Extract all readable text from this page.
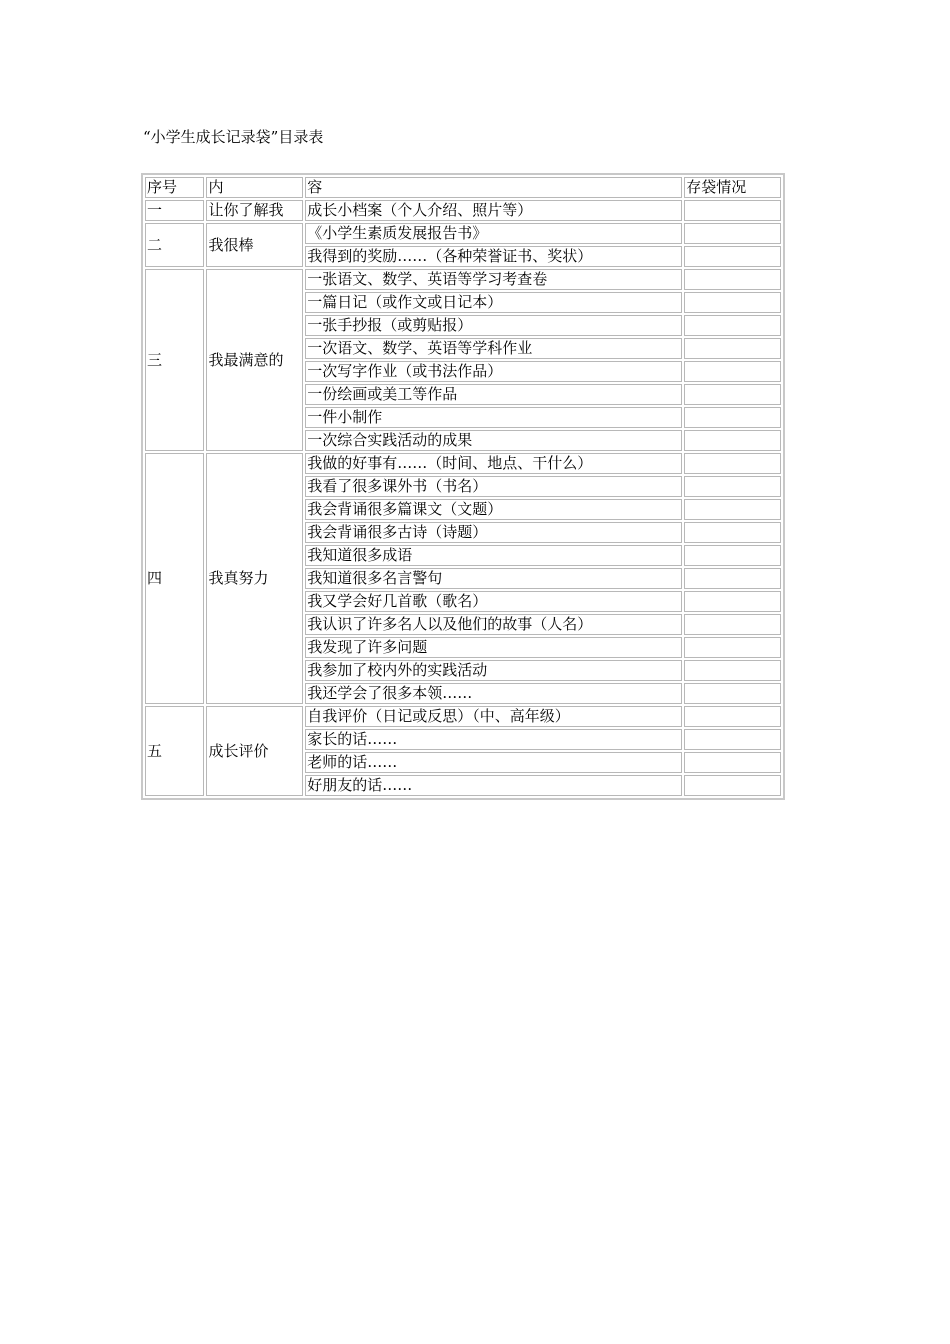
“小学生成长记录袋”目录表
序号	内	容	存袋情况
一	让你了解我	成长小档案（个人介绍、照片等）	
二	我很棒	《小学生素质发展报告书》	
		我得到的奖励……（各种荣誉证书、奖状）	
三	我最满意的	一张语文、数学、英语等学习考查卷	
		一篇日记（或作文或日记本）	
		一张手抄报（或剪贴报）	
		一次语文、数学、英语等学科作业	
		一次写字作业（或书法作品）	
		一份绘画或美工等作品	
		一件小制作	
		一次综合实践活动的成果	
四	我真努力	我做的好事有……（时间、地点、干什么）	
		我看了很多课外书（书名）	
		我会背诵很多篇课文（文题）	
		我会背诵很多古诗（诗题）	
		我知道很多成语	
		我知道很多名言警句	
		我又学会好几首歌（歌名）	
		我认识了许多名人以及他们的故事（人名）	
		我发现了许多问题	
		我参加了校内外的实践活动	
		我还学会了很多本领……	
五	成长评价	自我评价（日记或反思）（中、高年级）	
		家长的话……	
		老师的话……	
		好朋友的话……	
